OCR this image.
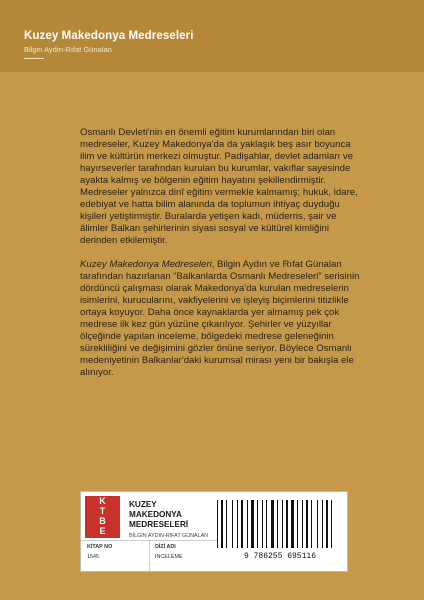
Kuzey Makedonya Medreseleri
Bilgin Aydın-Rıfat Günalan

Osmanlı Devleti'nin en önemli eğitim kurumlarından biri olan medreseler, Kuzey Makedonya'da da yaklaşık beş asır boyunca ilim ve kültürün merkezi olmuştur. Padişahlar, devlet adamları ve hayırseverler tarafından kurulan bu kurumlar, vakıflar sayesinde ayakta kalmış ve bölgenin eğitim hayatını şekillendirmiştir. Medreseler yalnızca dinî eğitim vermekle kalmamış; hukuk, idare, edebiyat ve hatta bilim alanında da toplumun ihtiyaç duyduğu kişileri yetiştirmiştir. Buralarda yetişen kadı, müderris, şair ve âlimler Balkan şehirlerinin siyasi sosyal ve kültürel kimliğini derinden etkilemiştir.

Kuzey Makedonya Medreseleri, Bilgin Aydın ve Rıfat Günalan tarafından hazırlanan “Balkanlarda Osmanlı Medreseleri” serisinin dördüncü çalışması olarak Makedonya'da kurulan medreselerin isimlerini, kurucularını, vakfiyelerini ve işleyiş biçimlerini titizlikle ortaya koyuyor. Daha önce kaynaklarda yer almamış pek çok medrese ilk kez gün yüzüne çıkarılıyor. Şehirler ve yüzyıllar ölçeğinde yapılan inceleme, bölgedeki medrese geleneğinin sürekliliğini ve değişimini gözler önüne seriyor. Böylece Osmanlı medeniyetinin Balkanlar'daki kurumsal mirası yeni bir bakışla ele alınıyor.

K
T
B
E
KUZEY
MAKEDONYA
MEDRESELERİ
BİLGİN AYDIN-RIFAT GÜNALAN
9 786255 695116
KİTAP NO
1545
DİZİ ADI
İNCELEME
